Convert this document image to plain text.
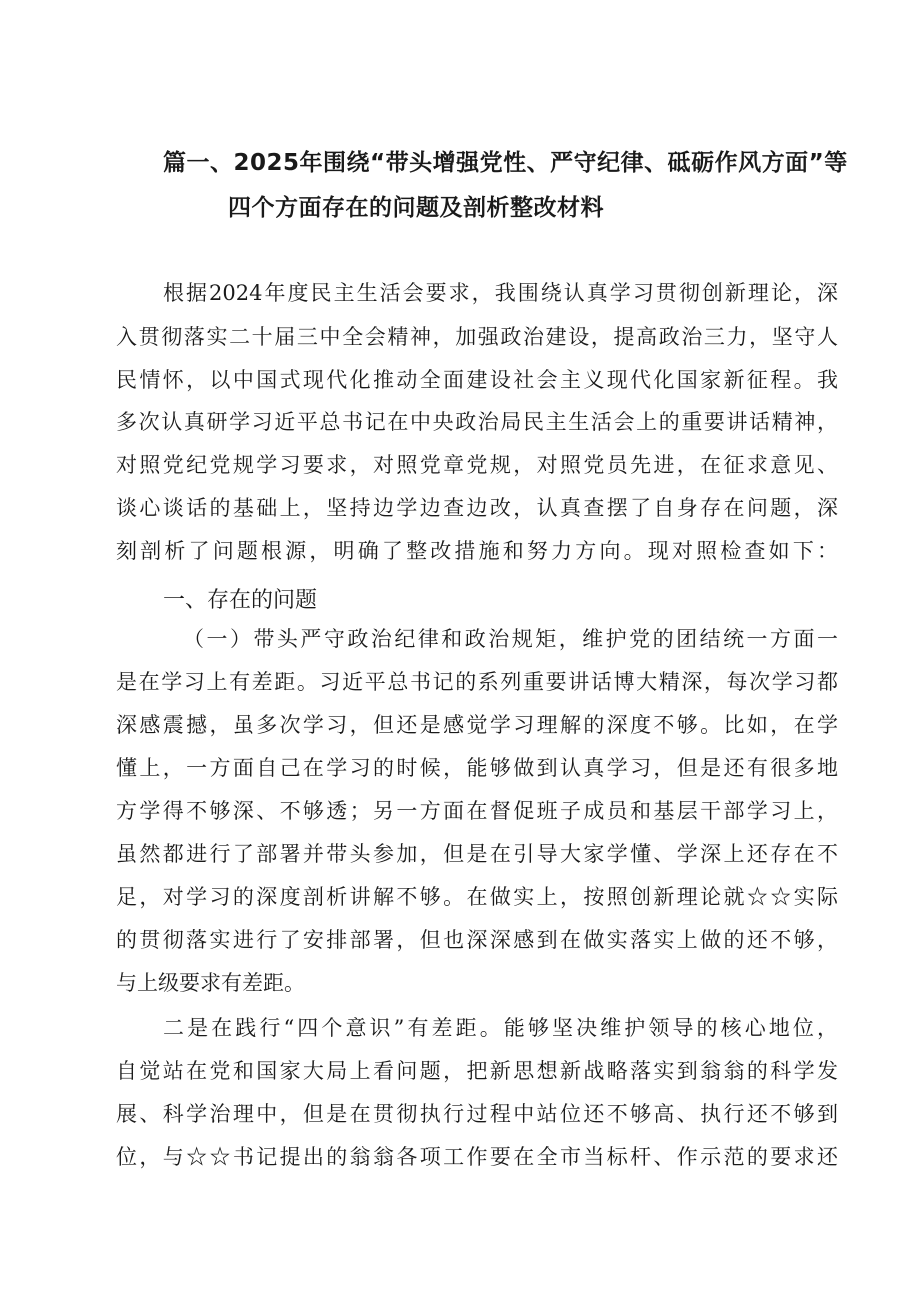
篇一、2025年围绕“带头增强党性、严守纪律、砥砺作风方面”等
四个方面存在的问题及剖析整改材料
根据2024年度民主生活会要求，我围绕认真学习贯彻创新理论，深
入贯彻落实二十届三中全会精神，加强政治建设，提高政治三力，坚守人
民情怀，以中国式现代化推动全面建设社会主义现代化国家新征程。我
多次认真研学习近平总书记在中央政治局民主生活会上的重要讲话精神，
对照党纪党规学习要求，对照党章党规，对照党员先进，在征求意见、
谈心谈话的基础上，坚持边学边查边改，认真查摆了自身存在问题，深
刻剖析了问题根源，明确了整改措施和努力方向。现对照检查如下：
一、存在的问题
（一）带头严守政治纪律和政治规矩，维护党的团结统一方面一
是在学习上有差距。习近平总书记的系列重要讲话博大精深，每次学习都
深感震撼，虽多次学习，但还是感觉学习理解的深度不够。比如，在学
懂上，一方面自己在学习的时候，能够做到认真学习，但是还有很多地
方学得不够深、不够透；另一方面在督促班子成员和基层干部学习上，
虽然都进行了部署并带头参加，但是在引导大家学懂、学深上还存在不
足，对学习的深度剖析讲解不够。在做实上，按照创新理论就☆☆实际
的贯彻落实进行了安排部署，但也深深感到在做实落实上做的还不够，
与上级要求有差距。
二是在践行“四个意识”有差距。能够坚决维护领导的核心地位，
自觉站在党和国家大局上看问题，把新思想新战略落实到翁翁的科学发
展、科学治理中，但是在贯彻执行过程中站位还不够高、执行还不够到
位，与☆☆书记提出的翁翁各项工作要在全市当标杆、作示范的要求还
